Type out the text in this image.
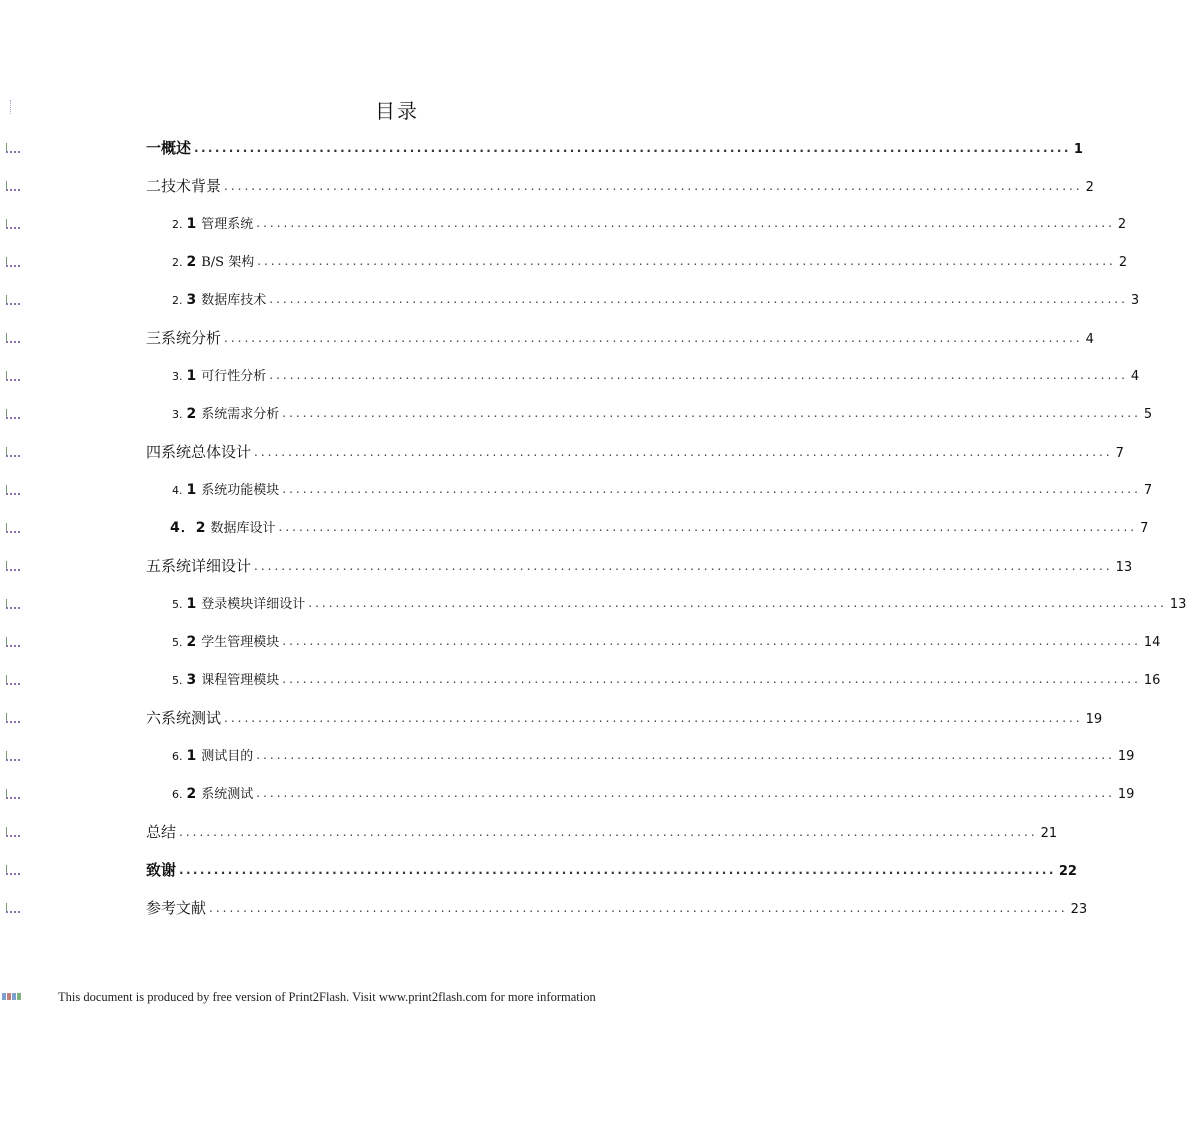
目录
一概述 .............................................................................................................................. 1
二技术背景 .............................................................................................................................. 2
2. 1 管理系统 .............................................................................................................................. 2
2. 2 B/S 架构 .............................................................................................................................. 2
2. 3 数据库技术 .............................................................................................................................. 3
三系统分析 .............................................................................................................................. 4
3. 1 可行性分析 .............................................................................................................................. 4
3. 2 系统需求分析 .............................................................................................................................. 5
四系统总体设计 .............................................................................................................................. 7
4. 1 系统功能模块 .............................................................................................................................. 7
4．2 数据库设计 .............................................................................................................................. 7
五系统详细设计 .............................................................................................................................. 13
5. 1 登录模块详细设计 .............................................................................................................................. 13
5. 2 学生管理模块 .............................................................................................................................. 14
5. 3 课程管理模块 .............................................................................................................................. 16
六系统测试 .............................................................................................................................. 19
6. 1 测试目的 .............................................................................................................................. 19
6. 2 系统测试 .............................................................................................................................. 19
总结 .............................................................................................................................. 21
致谢 .............................................................................................................................. 22
参考文献 .............................................................................................................................. 23
This document is produced by free version of Print2Flash. Visit www.print2flash.com for more information
